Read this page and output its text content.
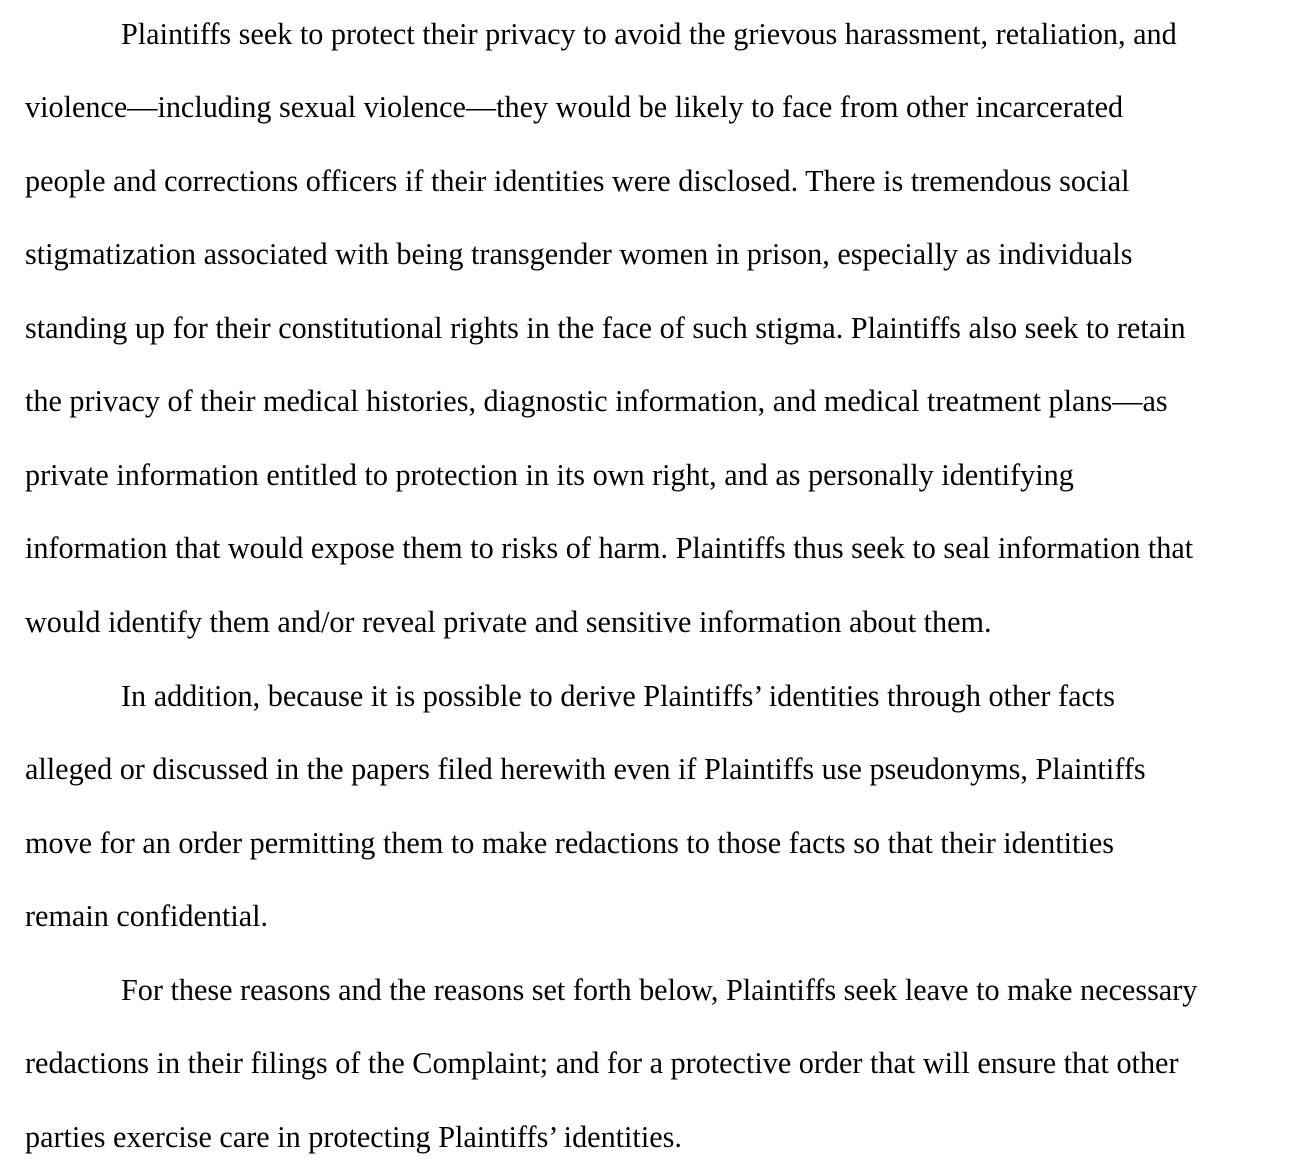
Plaintiffs seek to protect their privacy to avoid the grievous harassment, retaliation, and
violence—including sexual violence—they would be likely to face from other incarcerated
people and corrections officers if their identities were disclosed. There is tremendous social
stigmatization associated with being transgender women in prison, especially as individuals
standing up for their constitutional rights in the face of such stigma. Plaintiffs also seek to retain
the privacy of their medical histories, diagnostic information, and medical treatment plans—as
private information entitled to protection in its own right, and as personally identifying
information that would expose them to risks of harm. Plaintiffs thus seek to seal information that
would identify them and/or reveal private and sensitive information about them.
In addition, because it is possible to derive Plaintiffs’ identities through other facts
alleged or discussed in the papers filed herewith even if Plaintiffs use pseudonyms, Plaintiffs
move for an order permitting them to make redactions to those facts so that their identities
remain confidential.
For these reasons and the reasons set forth below, Plaintiffs seek leave to make necessary
redactions in their filings of the Complaint; and for a protective order that will ensure that other
parties exercise care in protecting Plaintiffs’ identities.
